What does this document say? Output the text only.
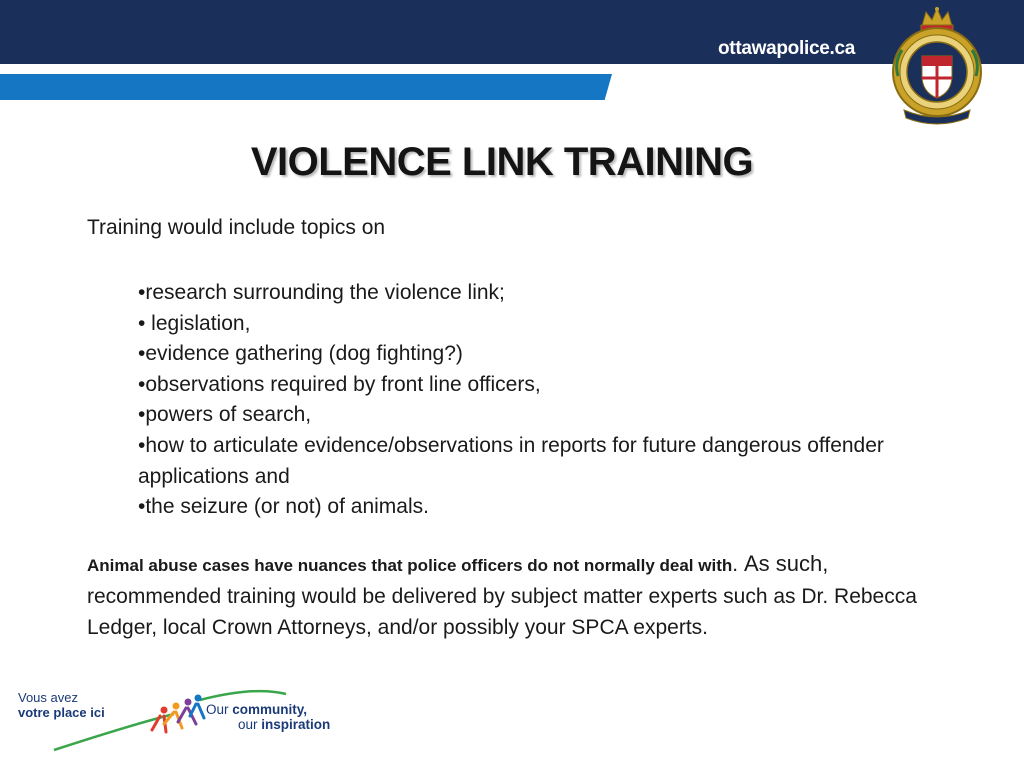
ottawapolice.ca
VIOLENCE LINK TRAINING
Training would include topics on
•research surrounding the violence link;
• legislation,
•evidence gathering (dog fighting?)
•observations required by front line officers,
•powers of search,
•how to articulate evidence/observations in reports for future dangerous offender applications and
•the seizure (or not) of animals.
Animal abuse cases have nuances that police officers do not normally deal with. As such, recommended training would be delivered by subject matter experts such as Dr. Rebecca Ledger, local Crown Attorneys, and/or possibly your SPCA experts.
Vous avez
votre place ici	Our community,
our inspiration
